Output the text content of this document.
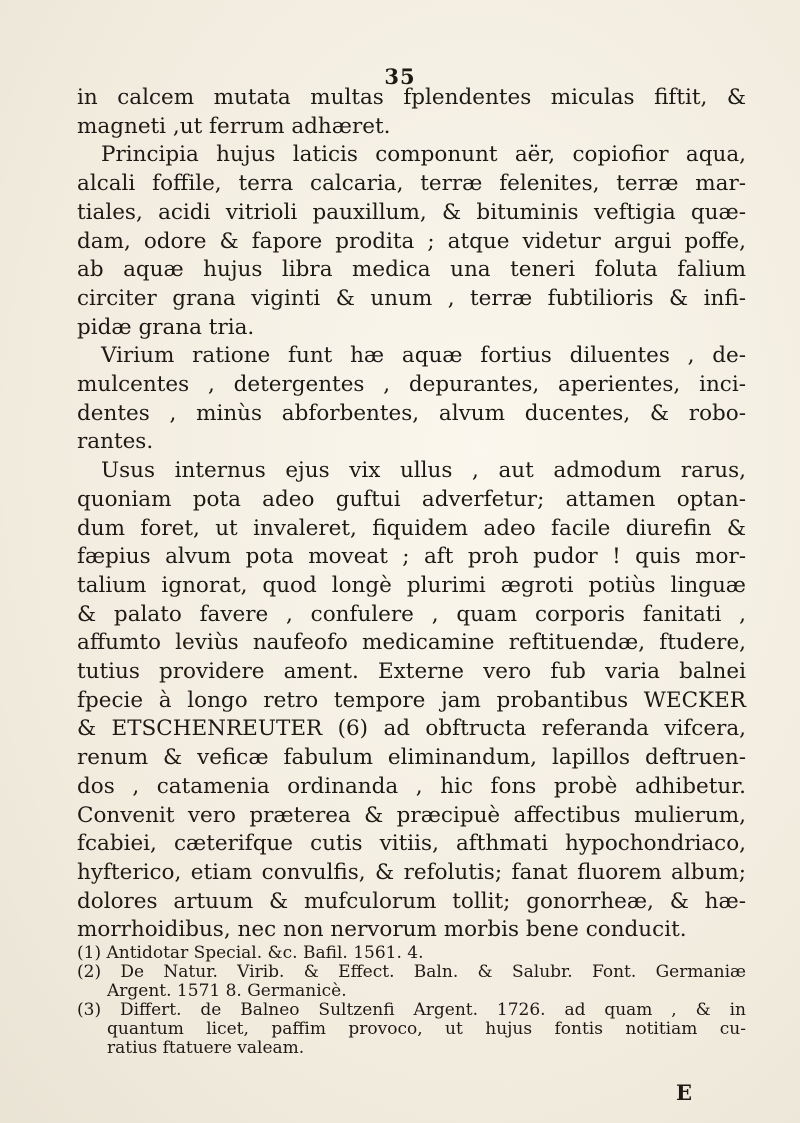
35
in calcem mutata multas fplendentes miculas fiftit, &
magneti ,ut ferrum adhæret.
Principia hujus laticis componunt aër, copiofior aqua,
alcali foffile, terra calcaria, terræ felenites, terræ mar-
tiales, acidi vitrioli pauxillum, & bituminis veftigia quæ-
dam, odore & fapore prodita ; atque videtur argui poffe,
ab aquæ hujus libra medica una teneri foluta falium
circiter grana viginti & unum , terræ fubtilioris & infi-
pidæ grana tria.
Virium ratione funt hæ aquæ fortius diluentes , de-
mulcentes , detergentes , depurantes, aperientes, inci-
dentes , minùs abforbentes, alvum ducentes, & robo-
rantes.
Usus internus ejus vix ullus , aut admodum rarus,
quoniam pota adeo guftui adverfetur; attamen optan-
dum foret, ut invaleret, fiquidem adeo facile diurefin &
fæpius alvum pota moveat ; aft proh pudor ! quis mor-
talium ignorat, quod longè plurimi ægroti potiùs linguæ
& palato favere , confulere , quam corporis fanitati ,
affumto leviùs naufeofo medicamine reftituendæ, ftudere,
tutius providere ament. Externe vero fub varia balnei
fpecie à longo retro tempore jam probantibus WECKER
& ETSCHENREUTER (6) ad obftructa referanda vifcera,
renum & veficæ fabulum eliminandum, lapillos deftruen-
dos , catamenia ordinanda , hic fons probè adhibetur.
Convenit vero præterea & præcipuè affectibus mulierum,
fcabiei, cæterifque cutis vitiis, afthmati hypochondriaco,
hyfterico, etiam convulfis, & refolutis; fanat fluorem album;
dolores artuum & mufculorum tollit; gonorrheæ, & hæ-
morrhoidibus, nec non nervorum morbis bene conducit.
(1) Antidotar Special. &c. Bafil. 1561. 4.
(2) De Natur. Virib. & Effect. Baln. & Salubr. Font. Germaniæ
Argent. 1571 8. Germanicè.
(3) Differt. de Balneo Sultzenfi Argent. 1726. ad quam , & in
quantum licet, paffim provoco, ut hujus fontis notitiam cu-
ratius ftatuere valeam.
E
